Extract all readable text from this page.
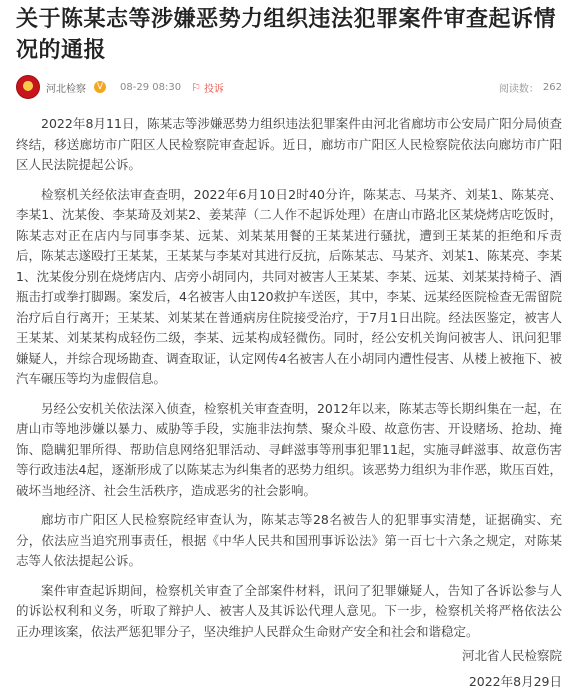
关于陈某志等涉嫌恶势力组织违法犯罪案件审查起诉情况的通报
河北检察	V 08-29 08:30 ⚐ 投诉	阅读数： 262

2022年8月11日，陈某志等涉嫌恶势力组织违法犯罪案件由河北省廊坊市公安局广阳分局侦查终结，移送廊坊市广阳区人民检察院审查起诉。近日，廊坊市广阳区人民检察院依法向廊坊市广阳区人民法院提起公诉。

检察机关经依法审查查明，2022年6月10日2时40分许，陈某志、马某齐、刘某1、陈某亮、李某1、沈某俊、李某琦及刘某2、姜某萍（二人作不起诉处理）在唐山市路北区某烧烤店吃饭时，陈某志对正在店内与同事李某、远某、刘某某用餐的王某某进行骚扰，遭到王某某的拒绝和斥责后，陈某志遂殴打王某某，王某某与李某对其进行反抗，后陈某志、马某齐、刘某1、陈某亮、李某1、沈某俊分别在烧烤店内、店旁小胡同内，共同对被害人王某某、李某、远某、刘某某持椅子、酒瓶击打或拳打脚踢。案发后，4名被害人由120救护车送医，其中，李某、远某经医院检查无需留院治疗后自行离开；王某某、刘某某在普通病房住院接受治疗，于7月1日出院。经法医鉴定，被害人王某某、刘某某构成轻伤二级，李某、远某构成轻微伤。同时，经公安机关询问被害人、讯问犯罪嫌疑人，并综合现场勘查、调查取证，认定网传4名被害人在小胡同内遭性侵害、从楼上被拖下、被汽车碾压等均为虚假信息。

另经公安机关依法深入侦查，检察机关审查查明，2012年以来，陈某志等长期纠集在一起，在唐山市等地涉嫌以暴力、威胁等手段，实施非法拘禁、聚众斗殴、故意伤害、开设赌场、抢劫、掩饰、隐瞒犯罪所得、帮助信息网络犯罪活动、寻衅滋事等刑事犯罪11起，实施寻衅滋事、故意伤害等行政违法4起，逐渐形成了以陈某志为纠集者的恶势力组织。该恶势力组织为非作恶，欺压百姓，破坏当地经济、社会生活秩序，造成恶劣的社会影响。

廊坊市广阳区人民检察院经审查认为，陈某志等28名被告人的犯罪事实清楚，证据确实、充分，依法应当追究刑事责任，根据《中华人民共和国刑事诉讼法》第一百七十六条之规定，对陈某志等人依法提起公诉。

案件审查起诉期间，检察机关审查了全部案件材料，讯问了犯罪嫌疑人，告知了各诉讼参与人的诉讼权利和义务，听取了辩护人、被害人及其诉讼代理人意见。下一步，检察机关将严格依法公正办理该案，依法严惩犯罪分子，坚决维护人民群众生命财产安全和社会和谐稳定。

河北省人民检察院
2022年8月29日
